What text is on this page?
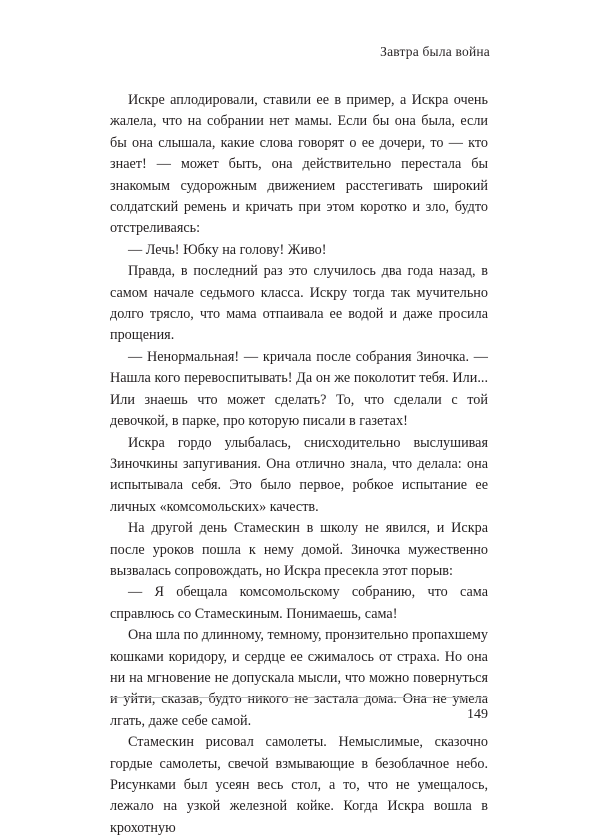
Завтра была война

Искре аплодировали, ставили ее в пример, а Искра очень жалела, что на собрании нет мамы. Если бы она была, если бы она слышала, какие слова говорят о ее дочери, то — кто знает! — может быть, она действительно перестала бы знакомым судорожным движением расстегивать широкий солдатский ремень и кричать при этом коротко и зло, будто отстреливаясь:

— Лечь! Юбку на голову! Живо!

Правда, в последний раз это случилось два года назад, в самом начале седьмого класса. Искру тогда так мучительно долго трясло, что мама отпаивала ее водой и даже просила прощения.

— Ненормальная! — кричала после собрания Зиночка. — Нашла кого перевоспитывать! Да он же поколотит тебя. Или... Или знаешь что может сделать? То, что сделали с той девочкой, в парке, про которую писали в газетах!

Искра гордо улыбалась, снисходительно выслушивая Зиночкины запугивания. Она отлично знала, что делала: она испытывала себя. Это было первое, робкое испытание ее личных «комсомольских» качеств.

На другой день Стамескин в школу не явился, и Искра после уроков пошла к нему домой. Зиночка мужественно вызвалась сопровождать, но Искра пресекла этот порыв:

— Я обещала комсомольскому собранию, что сама справлюсь со Стамескиным. Понимаешь, сама!

Она шла по длинному, темному, пронзительно пропахшему кошками коридору, и сердце ее сжималось от страха. Но она ни на мгновение не допускала мысли, что можно повернуться и уйти, сказав, будто никого не застала дома. Она не умела лгать, даже себе самой.

Стамескин рисовал самолеты. Немыслимые, сказочно гордые самолеты, свечой взмывающие в безоблачное небо. Рисунками был усеян весь стол, а то, что не умещалось, лежало на узкой железной койке. Когда Искра вошла в крохотную

149
